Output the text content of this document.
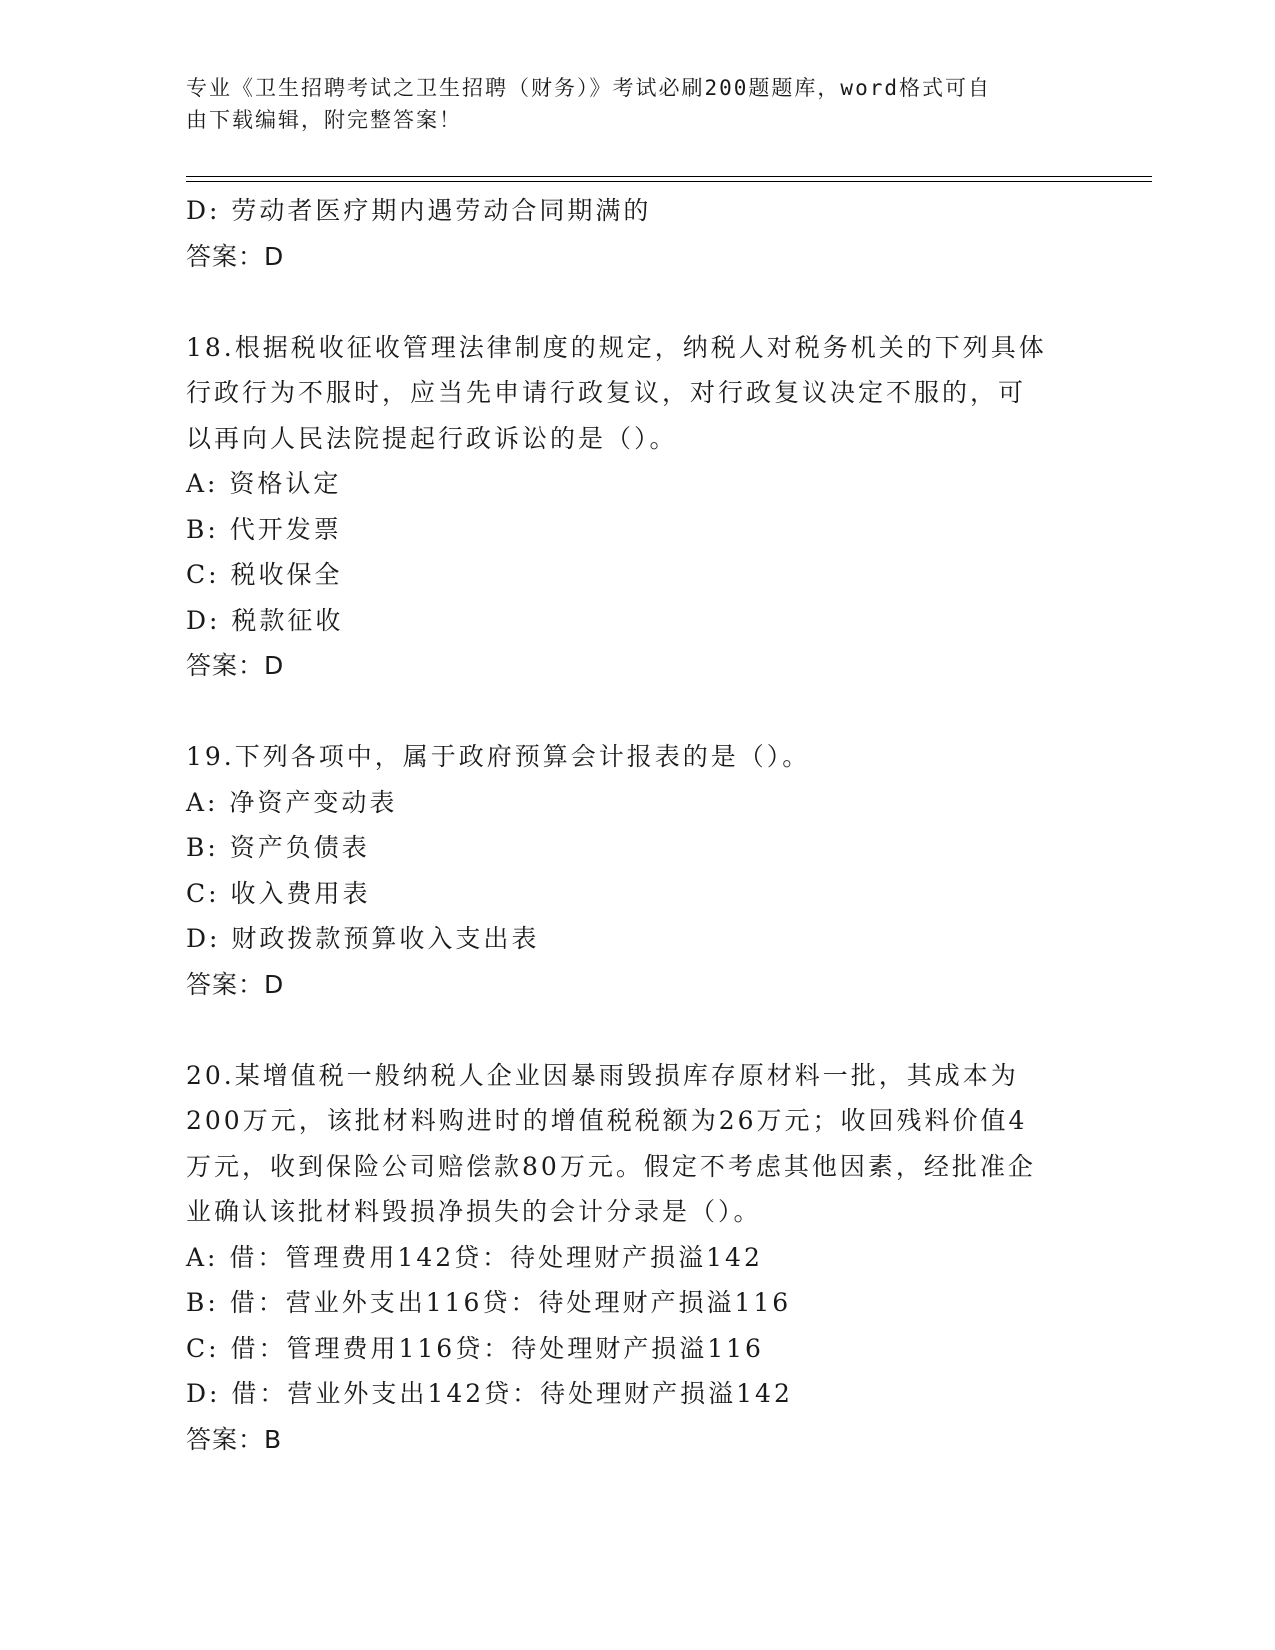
专业《卫生招聘考试之卫生招聘（财务）》考试必刷200题题库，word格式可自
由下载编辑，附完整答案！
D: 劳动者医疗期内遇劳动合同期满的
答案：D
18.根据税收征收管理法律制度的规定，纳税人对税务机关的下列具体
行政行为不服时，应当先申请行政复议，对行政复议决定不服的，可
以再向人民法院提起行政诉讼的是（）。
A: 资格认定
B: 代开发票
C: 税收保全
D: 税款征收
答案：D
19.下列各项中，属于政府预算会计报表的是（）。
A: 净资产变动表
B: 资产负债表
C: 收入费用表
D: 财政拨款预算收入支出表
答案：D
20.某增值税一般纳税人企业因暴雨毁损库存原材料一批，其成本为
200万元，该批材料购进时的增值税税额为26万元；收回残料价值4
万元，收到保险公司赔偿款80万元。假定不考虑其他因素，经批准企
业确认该批材料毁损净损失的会计分录是（）。
A: 借：管理费用142贷：待处理财产损溢142
B: 借：营业外支出116贷：待处理财产损溢116
C: 借：管理费用116贷：待处理财产损溢116
D: 借：营业外支出142贷：待处理财产损溢142
答案：B
